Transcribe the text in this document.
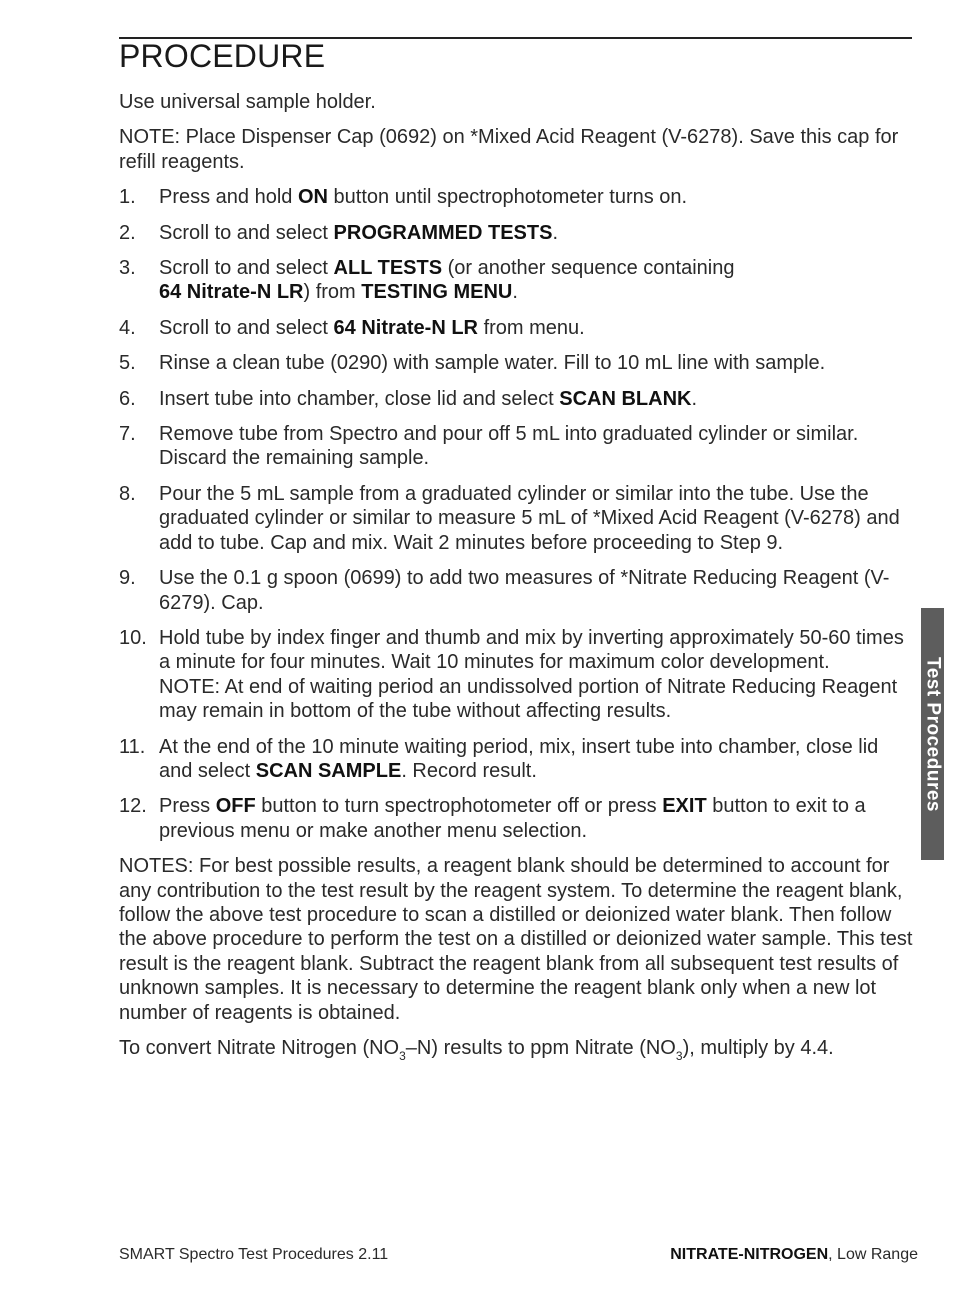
PROCEDURE

Use universal sample holder.

NOTE: Place Dispenser Cap (0692) on *Mixed Acid Reagent (V-6278). Save this cap for refill reagents.

1. Press and hold ON button until spectrophotometer turns on.
2. Scroll to and select PROGRAMMED TESTS.
3. Scroll to and select ALL TESTS (or another sequence containing
64 Nitrate-N LR) from TESTING MENU.
4. Scroll to and select 64 Nitrate-N LR from menu.
5. Rinse a clean tube (0290) with sample water. Fill to 10 mL line with sample.
6. Insert tube into chamber, close lid and select SCAN BLANK.
7. Remove tube from Spectro and pour off 5 mL into graduated cylinder or similar. Discard the remaining sample.
8. Pour the 5 mL sample from a graduated cylinder or similar into the tube. Use the graduated cylinder or similar to measure 5 mL of *Mixed Acid Reagent (V-6278) and add to tube. Cap and mix. Wait 2 minutes before proceeding to Step 9.
9. Use the 0.1 g spoon (0699) to add two measures of *Nitrate Reducing Reagent (V-6279). Cap.
10. Hold tube by index finger and thumb and mix by inverting approximately 50-60 times a minute for four minutes. Wait 10 minutes for maximum color development.
NOTE: At end of waiting period an undissolved portion of Nitrate Reducing Reagent may remain in bottom of the tube without affecting results.
11. At the end of the 10 minute waiting period, mix, insert tube into chamber, close lid and select SCAN SAMPLE. Record result.
12. Press OFF button to turn spectrophotometer off or press EXIT button to exit to a previous menu or make another menu selection.

NOTES: For best possible results, a reagent blank should be determined to account for any contribution to the test result by the reagent system. To determine the reagent blank, follow the above test procedure to scan a distilled or deionized water blank. Then follow the above procedure to perform the test on a distilled or deionized water sample. This test result is the reagent blank. Subtract the reagent blank from all subsequent test results of unknown samples. It is necessary to determine the reagent blank only when a new lot number of reagents is obtained.

To convert Nitrate Nitrogen $(NO_3-N)$ results to ppm Nitrate $(NO_3)$, multiply by 4.4.

Test Procedures
SMART Spectro Test Procedures 2.11	NITRATE-NITROGEN, Low Range
